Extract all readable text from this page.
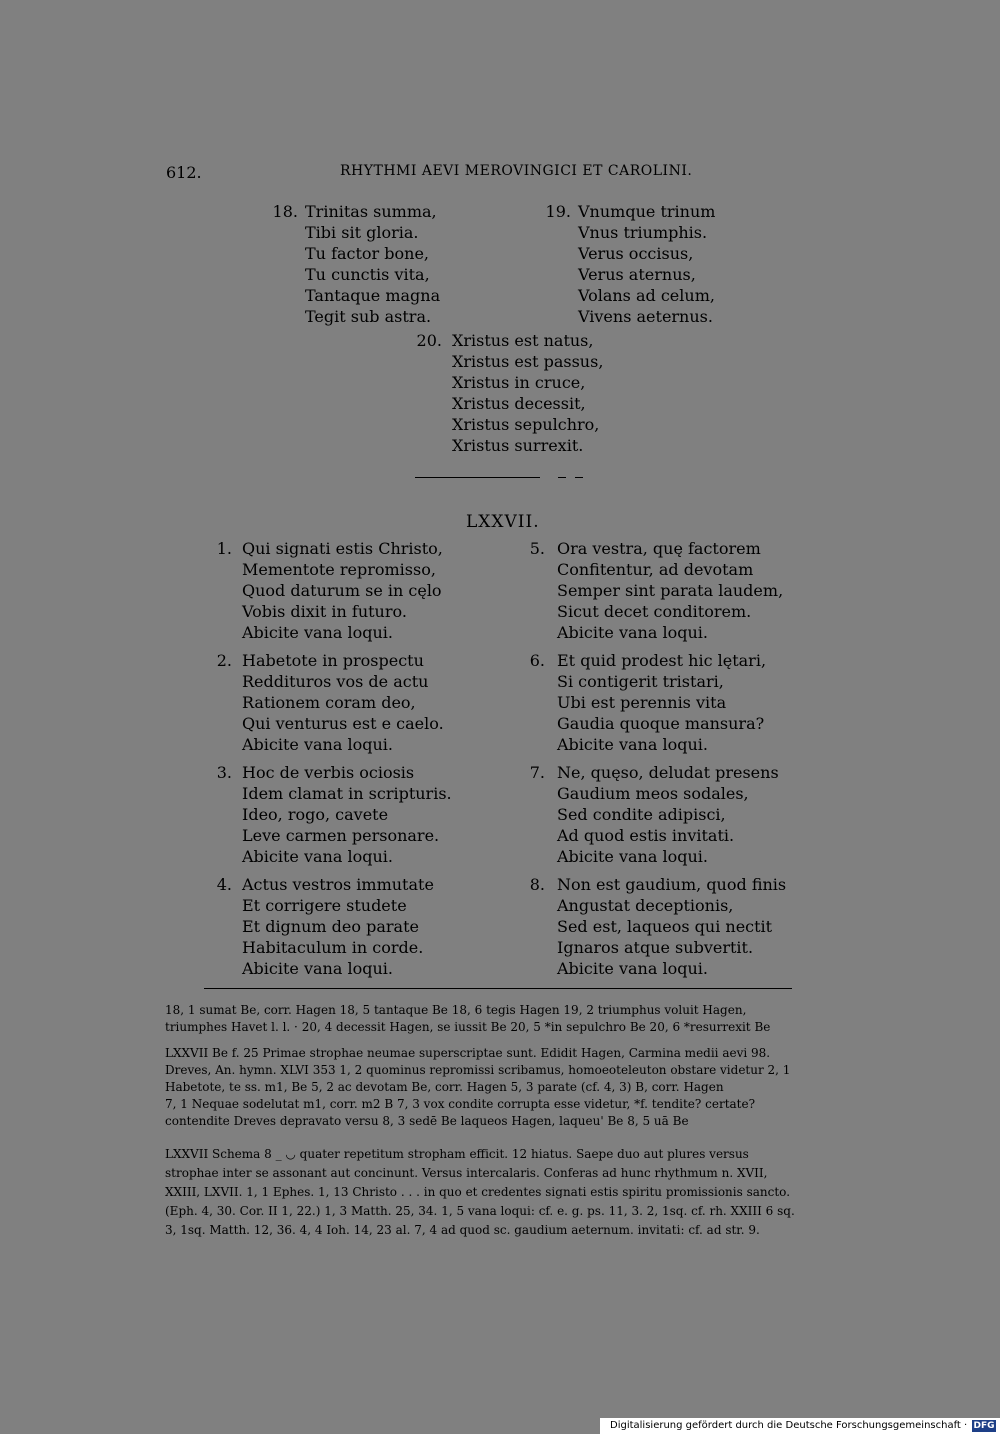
612.	RHYTHMI AEVI MEROVINGICI ET CAROLINI.
18. Trinitas summa,
Tibi sit gloria.
Tu factor bone,
Tu cunctis vita,
Tantaque magna
Tegit sub astra.
19. Vnumque trinum
Vnus triumphis.
Verus occisus,
Verus aternus,
Volans ad celum,
Vivens aeternus.
20. Xristus est natus,
Xristus est passus,
Xristus in cruce,
Xristus decessit,
Xristus sepulchro,
Xristus surrexit.
LXXVII.
1. Qui signati estis Christo,
Mementote repromisso,
Quod daturum se in cęlo
Vobis dixit in futuro.
Abicite vana loqui.
2. Habetote in prospectu
Reddituros vos de actu
Rationem coram deo,
Qui venturus est e caelo.
Abicite vana loqui.
3. Hoc de verbis ociosis
Idem clamat in scripturis.
Ideo, rogo, cavete
Leve carmen personare.
Abicite vana loqui.
4. Actus vestros immutate
Et corrigere studete
Et dignum deo parate
Habitaculum in corde.
Abicite vana loqui.
5. Ora vestra, quę factorem
Confitentur, ad devotam
Semper sint parata laudem,
Sicut decet conditorem.
Abicite vana loqui.
6. Et quid prodest hic lętari,
Si contigerit tristari,
Ubi est perennis vita
Gaudia quoque mansura?
Abicite vana loqui.
7. Ne, quęso, deludat presens
Gaudium meos sodales,
Sed condite adipisci,
Ad quod estis invitati.
Abicite vana loqui.
8. Non est gaudium, quod finis
Angustat deceptionis,
Sed est, laqueos qui nectit
Ignaros atque subvertit.
Abicite vana loqui.
18, 1 sumat Be, corr. Hagen 18, 5 tantaque Be 18, 6 tegis Hagen 19, 2 triumphus voluit Hagen,
triumphes Havet l. l. · 20, 4 decessit Hagen, se iussit Be 20, 5 *in sepulchro Be 20, 6 *resurrexit Be
LXXVII Be f. 25 Primae strophae neumae superscriptae sunt. Edidit Hagen, Carmina medii aevi 98.
Dreves, An. hymn. XLVI 353 1, 2 quominus repromissi scribamus, homoeoteleuton obstare videtur 2, 1
Habetote, te ss. m1, Be 5, 2 ac devotam Be, corr. Hagen 5, 3 parate (cf. 4, 3) B, corr. Hagen
7, 1 Nequae sodelutat m1, corr. m2 B 7, 3 vox condite corrupta esse videtur, *f. tendite? certate?
contendite Dreves depravato versu 8, 3 sedē Be laqueos Hagen, laqueu' Be 8, 5 uā Be
LXXVII Schema 8 _ ◡ quater repetitum stropham efficit. 12 hiatus. Saepe duo aut plures versus
strophae inter se assonant aut concinunt. Versus intercalaris. Conferas ad hunc rhythmum n. XVII,
XXIII, LXVII. 1, 1 Ephes. 1, 13 Christo . . . in quo et credentes signati estis spiritu promissionis sancto.
(Eph. 4, 30. Cor. II 1, 22.) 1, 3 Matth. 25, 34. 1, 5 vana loqui: cf. e. g. ps. 11, 3. 2, 1sq. cf. rh. XXIII 6 sq.
3, 1sq. Matth. 12, 36. 4, 4 Ioh. 14, 23 al. 7, 4 ad quod sc. gaudium aeternum. invitati: cf. ad str. 9.
Digitalisierung gefördert durch die Deutsche Forschungsgemeinschaft · DFG
